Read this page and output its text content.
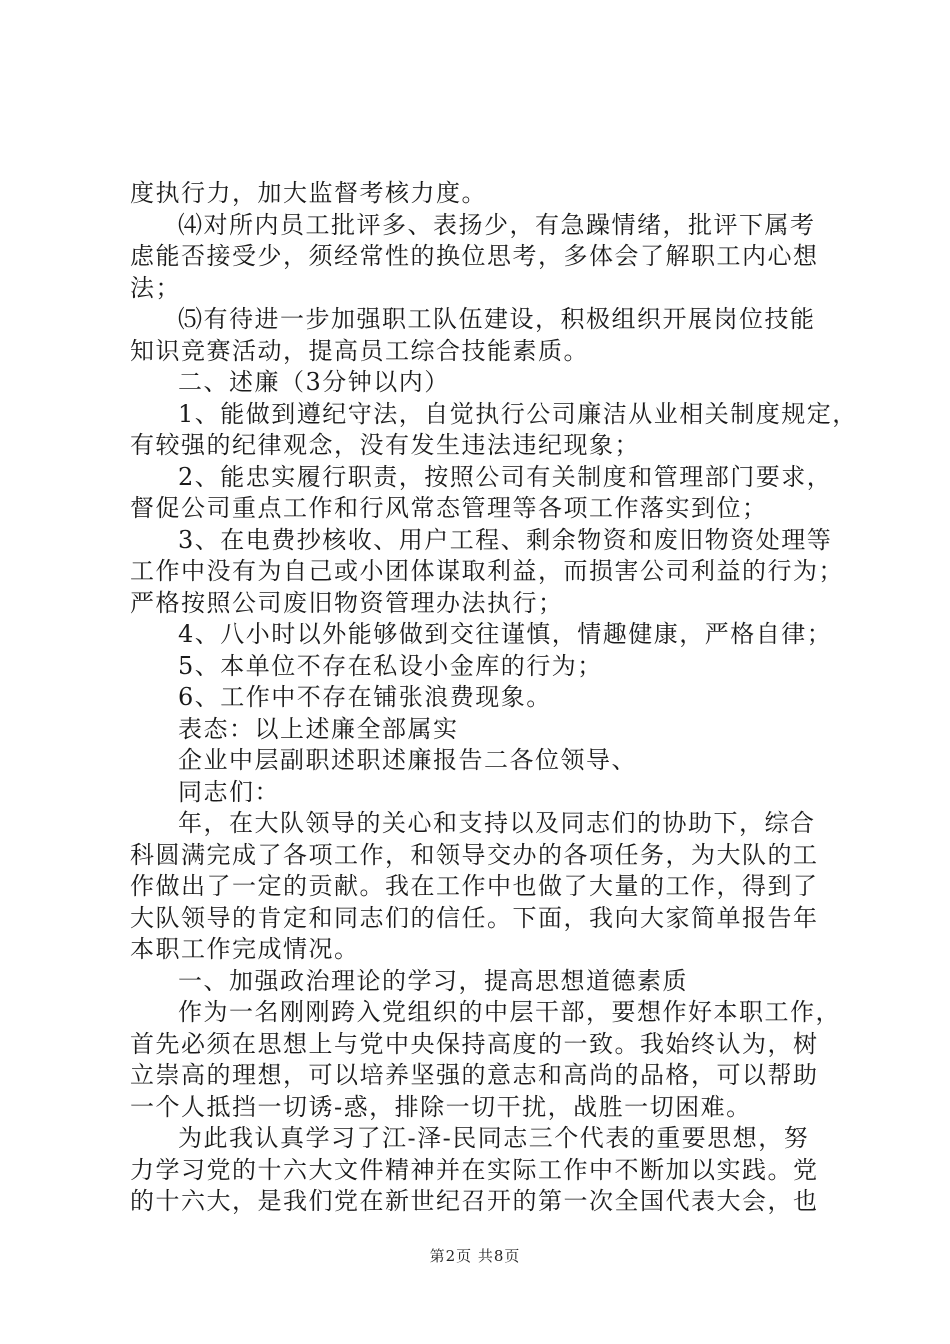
度执行力，加大监督考核力度。
⑷对所内员工批评多、表扬少，有急躁情绪，批评下属考
虑能否接受少，须经常性的换位思考，多体会了解职工内心想
法；
⑸有待进一步加强职工队伍建设，积极组织开展岗位技能
知识竞赛活动，提高员工综合技能素质。
二、述廉（3分钟以内）
1、能做到遵纪守法，自觉执行公司廉洁从业相关制度规定，
有较强的纪律观念，没有发生违法违纪现象；
2、能忠实履行职责，按照公司有关制度和管理部门要求，
督促公司重点工作和行风常态管理等各项工作落实到位；
3、在电费抄核收、用户工程、剩余物资和废旧物资处理等
工作中没有为自己或小团体谋取利益，而损害公司利益的行为；
严格按照公司废旧物资管理办法执行；
4、八小时以外能够做到交往谨慎，情趣健康，严格自律；
5、本单位不存在私设小金库的行为；
6、工作中不存在铺张浪费现象。
表态：以上述廉全部属实
企业中层副职述职述廉报告二各位领导、
同志们：
年，在大队领导的关心和支持以及同志们的协助下，综合
科圆满完成了各项工作，和领导交办的各项任务，为大队的工
作做出了一定的贡献。我在工作中也做了大量的工作，得到了
大队领导的肯定和同志们的信任。下面，我向大家简单报告年
本职工作完成情况。
一、加强政治理论的学习，提高思想道德素质
作为一名刚刚跨入党组织的中层干部，要想作好本职工作，
首先必须在思想上与党中央保持高度的一致。我始终认为，树
立崇高的理想，可以培养坚强的意志和高尚的品格，可以帮助
一个人抵挡一切诱-惑，排除一切干扰，战胜一切困难。
为此我认真学习了江-泽-民同志三个代表的重要思想，努
力学习党的十六大文件精神并在实际工作中不断加以实践。党
的十六大，是我们党在新世纪召开的第一次全国代表大会，也
第2页 共8页
